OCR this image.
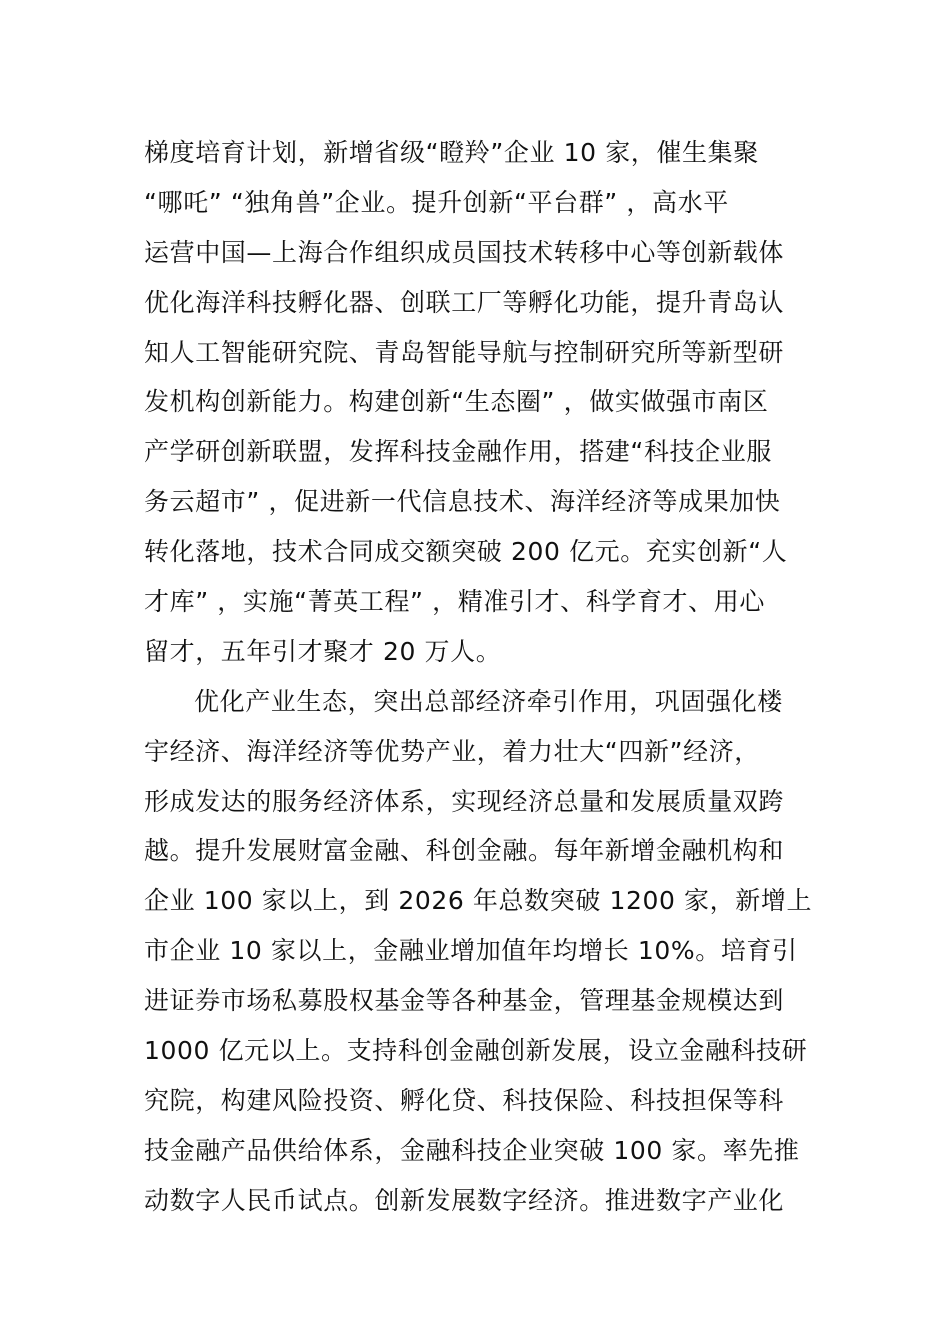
梯度培育计划，新增省级“瞪羚”企业 10 家，催生集聚
“哪吒” “独角兽”企业。提升创新“平台群” ，高水平
运营中国—上海合作组织成员国技术转移中心等创新载体
优化海洋科技孵化器、创联工厂等孵化功能，提升青岛认
知人工智能研究院、青岛智能导航与控制研究所等新型研
发机构创新能力。构建创新“生态圈” ，做实做强市南区
产学研创新联盟，发挥科技金融作用，搭建“科技企业服
务云超市” ，促进新一代信息技术、海洋经济等成果加快
转化落地，技术合同成交额突破 200 亿元。充实创新“人
才库” ，实施“菁英工程” ，精准引才、科学育才、用心
留才，五年引才聚才 20 万人。
优化产业生态，突出总部经济牵引作用，巩固强化楼
宇经济、海洋经济等优势产业，着力壮大“四新”经济，
形成发达的服务经济体系，实现经济总量和发展质量双跨
越。提升发展财富金融、科创金融。每年新增金融机构和
企业 100 家以上，到 2026 年总数突破 1200 家，新增上
市企业 10 家以上，金融业增加值年均增长 10%。培育引
进证券市场私募股权基金等各种基金，管理基金规模达到
1000 亿元以上。支持科创金融创新发展，设立金融科技研
究院，构建风险投资、孵化贷、科技保险、科技担保等科
技金融产品供给体系，金融科技企业突破 100 家。率先推
动数字人民币试点。创新发展数字经济。推进数字产业化
